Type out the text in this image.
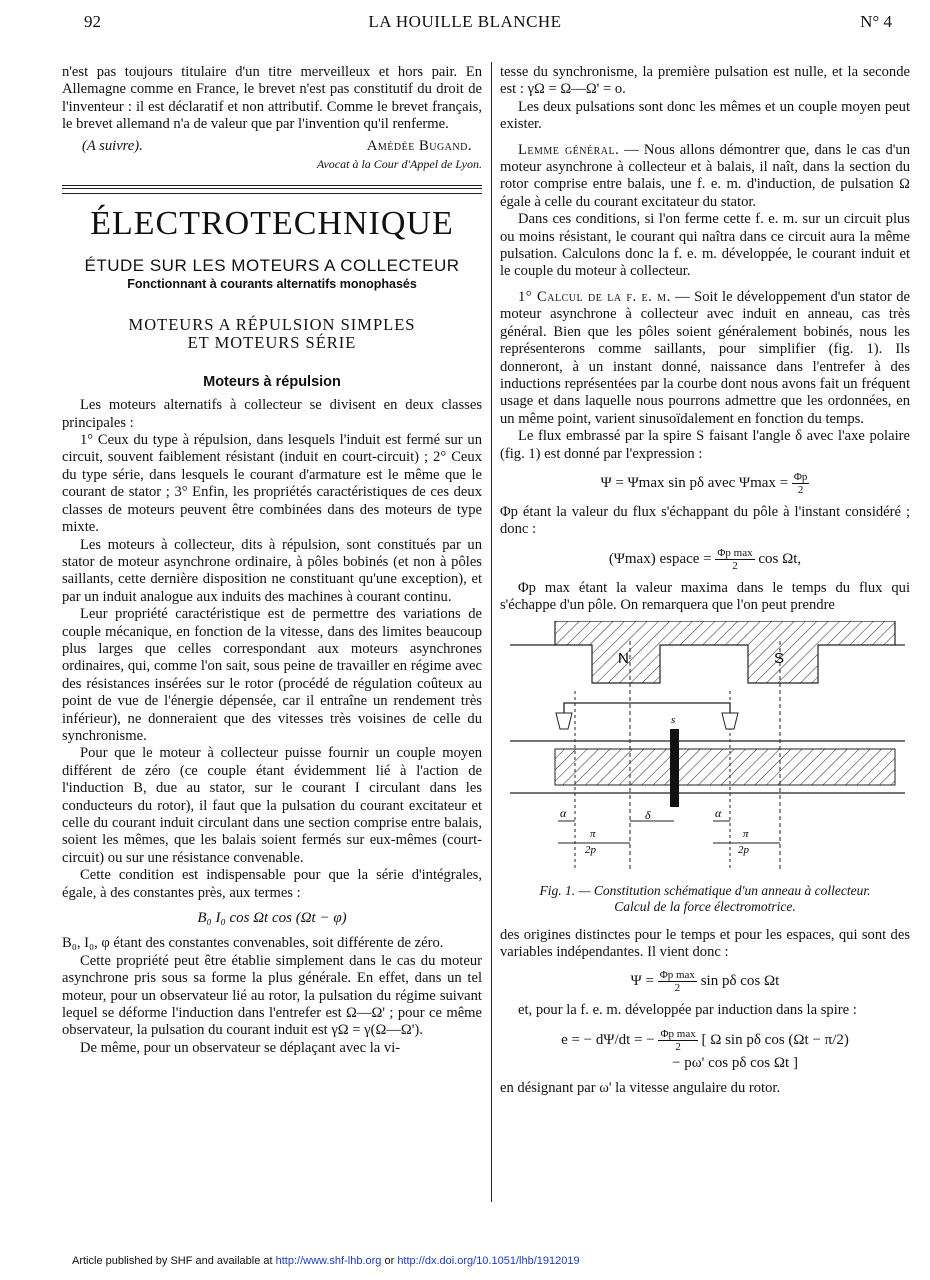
92	LA HOUILLE BLANCHE	N° 4

n'est pas toujours titulaire d'un titre merveilleux et hors pair. En Allemagne comme en France, le brevet n'est pas constitutif du droit de l'inventeur : il est déclaratif et non attributif. Comme le brevet français, le brevet allemand n'a de valeur que par l'invention qu'il renferme.

(A suivre).	Amédée Bugand.
Avocat à la Cour d'Appel de Lyon.
ÉLECTROTECHNIQUE
ÉTUDE SUR LES MOTEURS A COLLECTEUR
Fonctionnant à courants alternatifs monophasés
MOTEURS A RÉPULSION SIMPLES
ET MOTEURS SÉRIE
Moteurs à répulsion

Les moteurs alternatifs à collecteur se divisent en deux classes principales :

1° Ceux du type à répulsion, dans lesquels l'induit est fermé sur un circuit, souvent faiblement résistant (induit en court-circuit) ; 2° Ceux du type série, dans lesquels le courant d'armature est le même que le courant de stator ; 3° Enfin, les propriétés caractéristiques de ces deux classes de moteurs peuvent être combinées dans des moteurs de type mixte.

Les moteurs à collecteur, dits à répulsion, sont constitués par un stator de moteur asynchrone ordinaire, à pôles bobinés (et non à pôles saillants, cette dernière disposition ne constituant qu'une exception), et par un induit analogue aux induits des machines à courant continu.

Leur propriété caractéristique est de permettre des variations de couple mécanique, en fonction de la vitesse, dans des limites beaucoup plus larges que celles correspondant aux moteurs asynchrones ordinaires, qui, comme l'on sait, sous peine de travailler en régime avec des résistances insérées sur le rotor (procédé de régulation coûteux au point de vue de l'énergie dépensée, car il entraîne un rendement très inférieur), ne donneraient que des vitesses très voisines de celle du synchronisme.

Pour que le moteur à collecteur puisse fournir un couple moyen différent de zéro (ce couple étant évidemment lié à l'action de l'induction B, due au stator, sur le courant I circulant dans les conducteurs du rotor), il faut que la pulsation du courant excitateur et celle du courant induit circulant dans une section comprise entre balais, soient les mêmes, que les balais soient fermés sur eux-mêmes (court-circuit) ou sur une résistance convenable.

Cette condition est indispensable pour que la série d'intégrales, égale, à des constantes près, aux termes :

B₀ I₀ cos Ωt cos (Ωt − φ)

B₀, I₀, φ étant des constantes convenables, soit différente de zéro.

Cette propriété peut être établie simplement dans le cas du moteur asynchrone pris sous sa forme la plus générale. En effet, dans un tel moteur, pour un observateur lié au rotor, la pulsation du régime suivant lequel se déforme l'induction dans l'entrefer est Ω—Ω' ; pour ce même observateur, la pulsation du courant induit est γΩ = γ(Ω—Ω').

De même, pour un observateur se déplaçant avec la vi-

tesse du synchronisme, la première pulsation est nulle, et la seconde est : γΩ = Ω—Ω' = o.

Les deux pulsations sont donc les mêmes et un couple moyen peut exister.

Lemme général. — Nous allons démontrer que, dans le cas d'un moteur asynchrone à collecteur et à balais, il naît, dans la section du rotor comprise entre balais, une f. e. m. d'induction, de pulsation Ω égale à celle du courant excitateur du stator.

Dans ces conditions, si l'on ferme cette f. e. m. sur un circuit plus ou moins résistant, le courant qui naîtra dans ce circuit aura la même pulsation. Calculons donc la f. e. m. développée, le courant induit et le couple du moteur à collecteur.

1° Calcul de la f. e. m. — Soit le développement d'un stator de moteur asynchrone à collecteur avec induit en anneau, cas très général. Bien que les pôles soient généralement bobinés, nous les représenterons comme saillants, pour simplifier (fig. 1). Ils donneront, à un instant donné, naissance dans l'entrefer à des inductions représentées par la courbe dont nous avons fait un fréquent usage et dans laquelle nous pourrons admettre que les ordonnées, en un même point, varient sinusoïdalement en fonction du temps.

Le flux embrassé par la spire S faisant l'angle δ avec l'axe polaire (fig. 1) est donné par l'expression :

Ψ = Ψmax sin pδ avec $\Psi\max = \frac{\Phi p}{2}$

Φp étant la valeur du flux s'échappant du pôle à l'instant considéré ; donc :

(Ψmax) espace = $\frac{\text{Φp max}}{2}$ cos Ωt,

Φp max étant la valeur maxima dans le temps du flux qui s'échappe d'un pôle. On remarquera que l'on peut prendre

N	S
s
α	δ	α
π
2p
π
2p
Fig. 1. — Constitution schématique d'un anneau à collecteur.
Calcul de la force électromotrice.

des origines distinctes pour le temps et pour les espaces, qui sont des variables indépendantes. Il vient donc :

$\Psi = \frac{\text{Φp max}}{2}$ sin pδ cos Ωt

et, pour la f. e. m. développée par induction dans la spire :

e = − dΨ/dt = − $\frac{\text{Φp max}}{2}$ [ Ω sin pδ cos (Ωt − π/2)
− pω' cos pδ cos Ωt ]

en désignant par ω' la vitesse angulaire du rotor.

Article published by SHF and available at http://www.shf-lhb.org or http://dx.doi.org/10.1051/lhb/1912019
